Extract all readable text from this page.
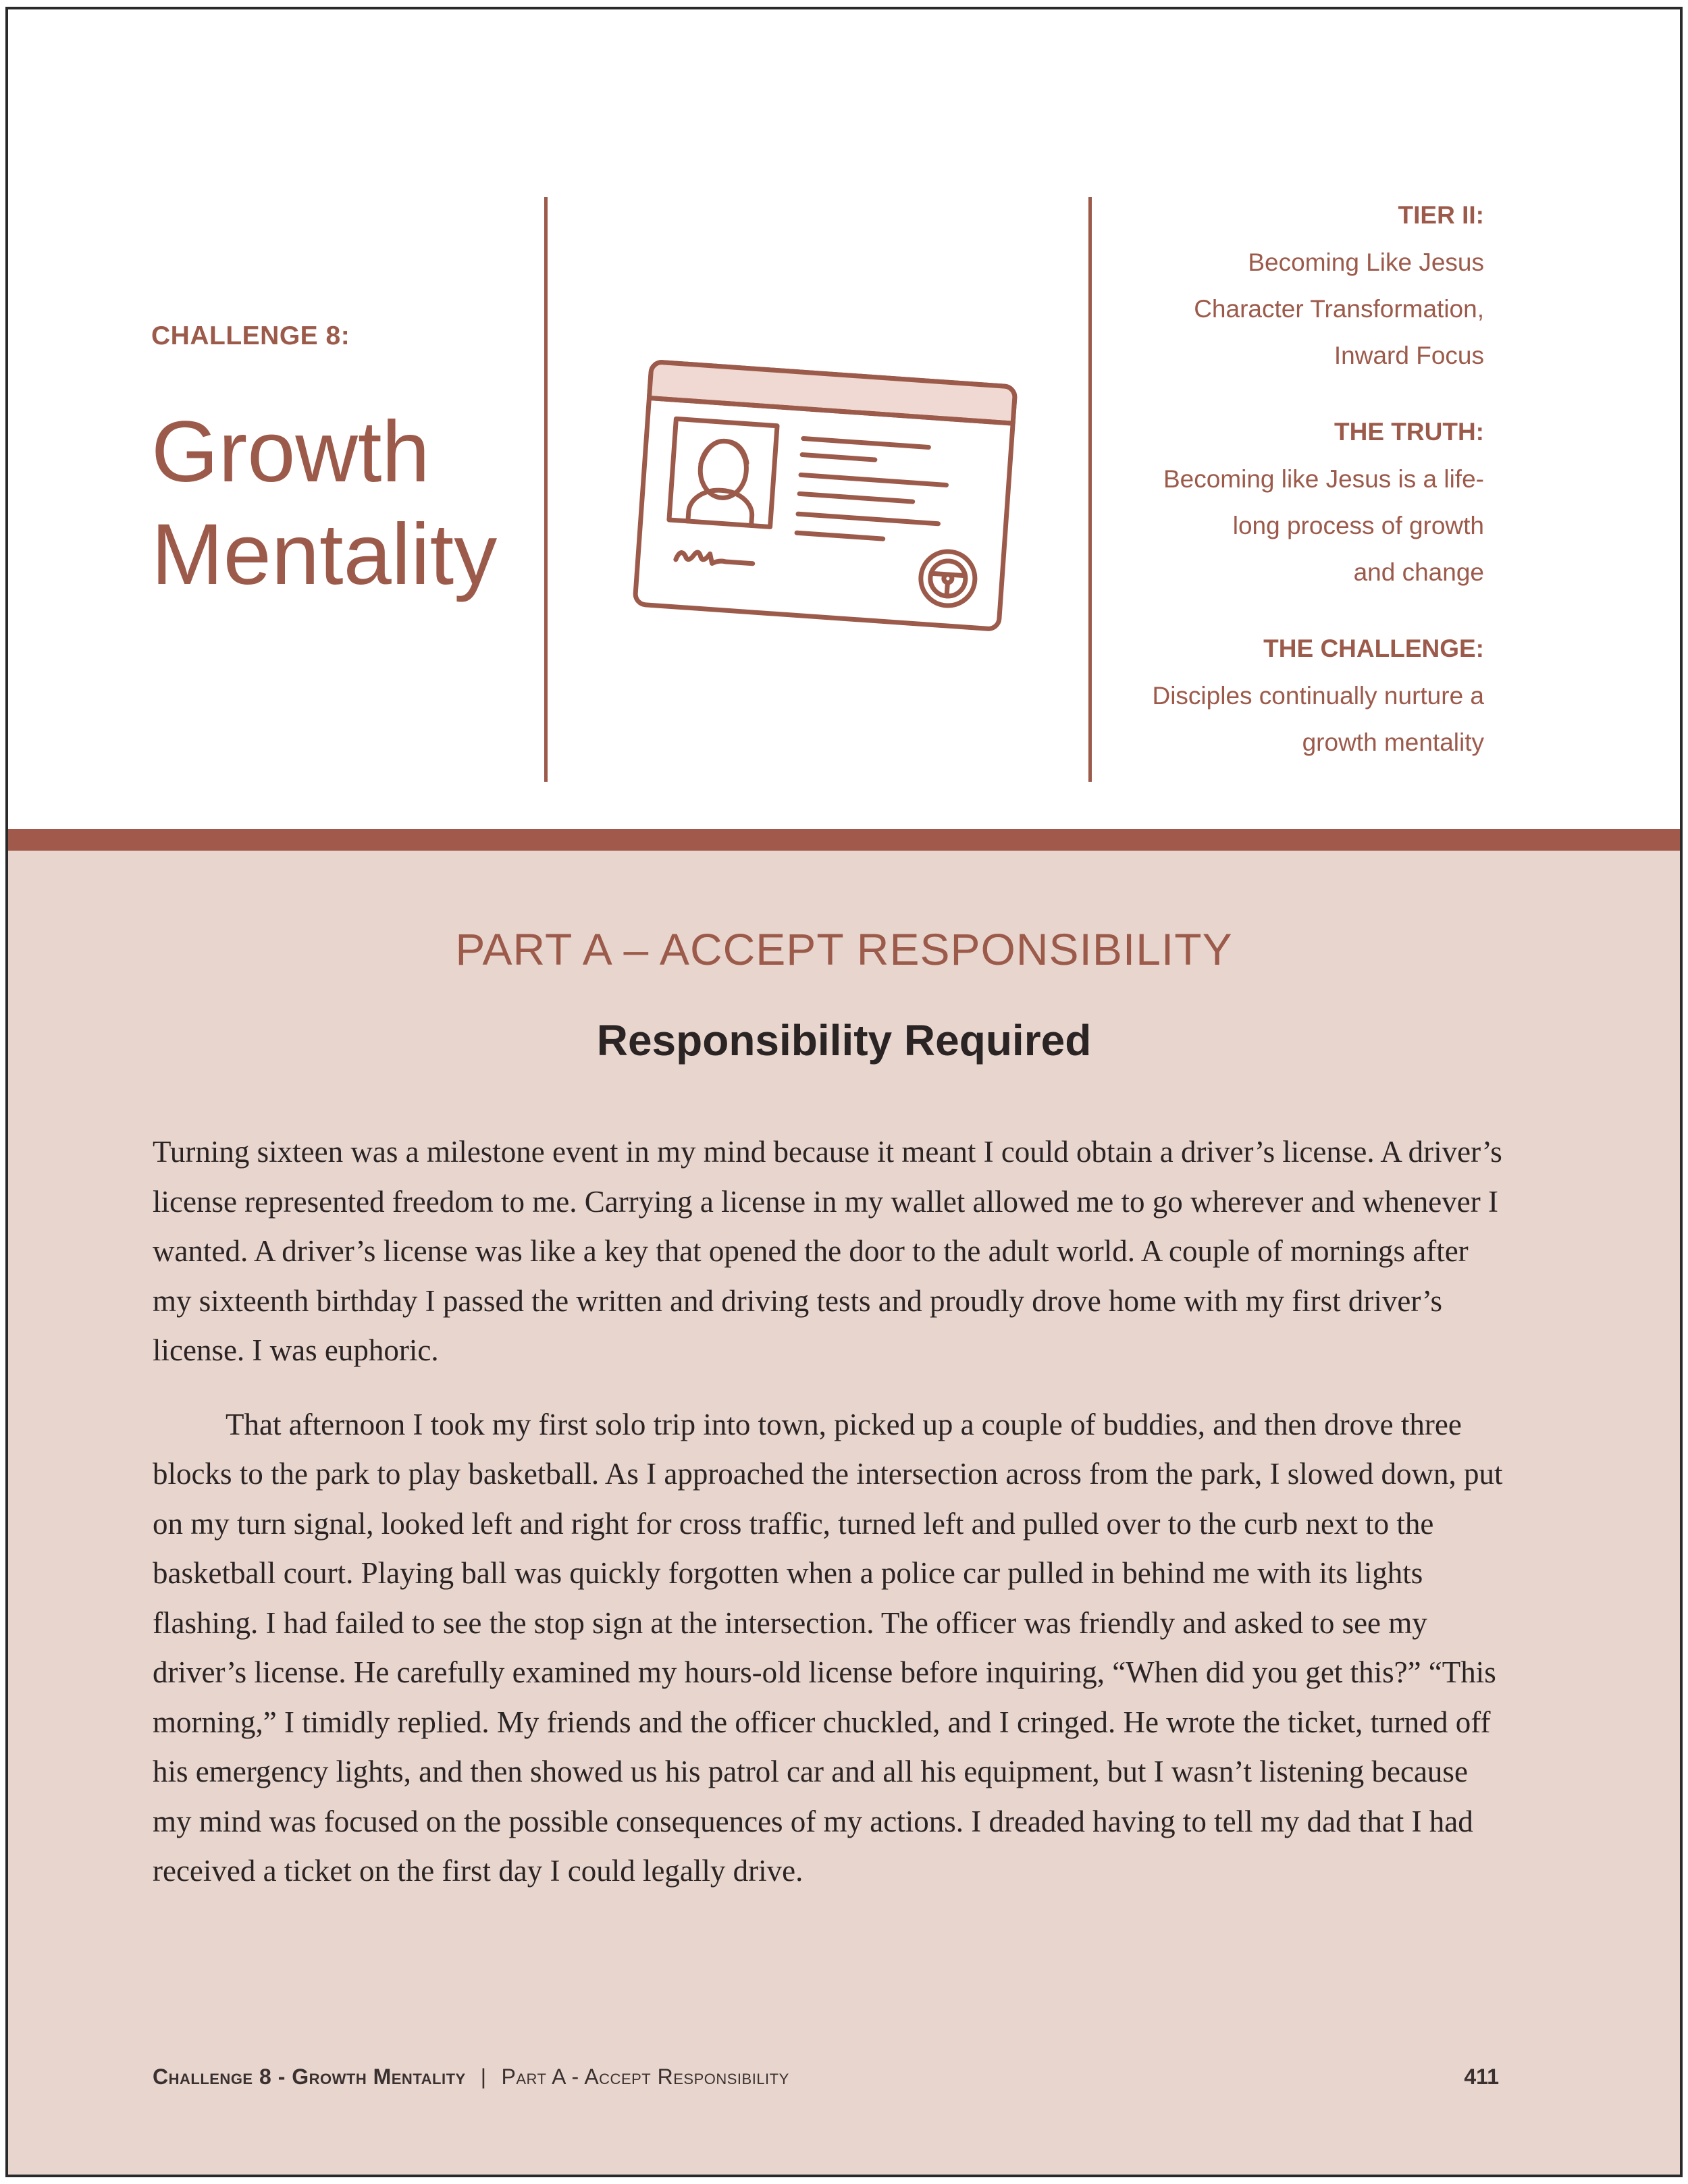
CHALLENGE 8:
Growth
Mentality
TIER II:
Becoming Like Jesus
Character Transformation,
Inward Focus
THE TRUTH:
Becoming like Jesus is a life-
long process of growth
and change
THE CHALLENGE:
Disciples continually nurture a
growth mentality
PART A – ACCEPT RESPONSIBILITY
Responsibility Required

Turning sixteen was a milestone event in my mind because it meant I could obtain a driver’s license. A driver’s license represented freedom to me. Carrying a license in my wallet allowed me to go wherever and whenever I wanted. A driver’s license was like a key that opened the door to the adult world. A couple of mornings after my sixteenth birthday I passed the written and driving tests and proudly drove home with my first driver’s license. I was euphoric.

That afternoon I took my first solo trip into town, picked up a couple of buddies, and then drove three blocks to the park to play basketball. As I approached the intersection across from the park, I slowed down, put on my turn signal, looked left and right for cross traffic, turned left and pulled over to the curb next to the basketball court. Playing ball was quickly forgotten when a police car pulled in behind me with its lights flashing. I had failed to see the stop sign at the intersection. The officer was friendly and asked to see my driver’s license. He carefully examined my hours-old license before inquiring, “When did you get this?” “This morning,” I timidly replied. My friends and the officer chuckled, and I cringed. He wrote the ticket, turned off his emergency lights, and then showed us his patrol car and all his equipment, but I wasn’t listening because my mind was focused on the possible consequences of my actions. I dreaded having to tell my dad that I had received a ticket on the first day I could legally drive.

Challenge 8 - Growth Mentality | Part A - Accept Responsibility	411
